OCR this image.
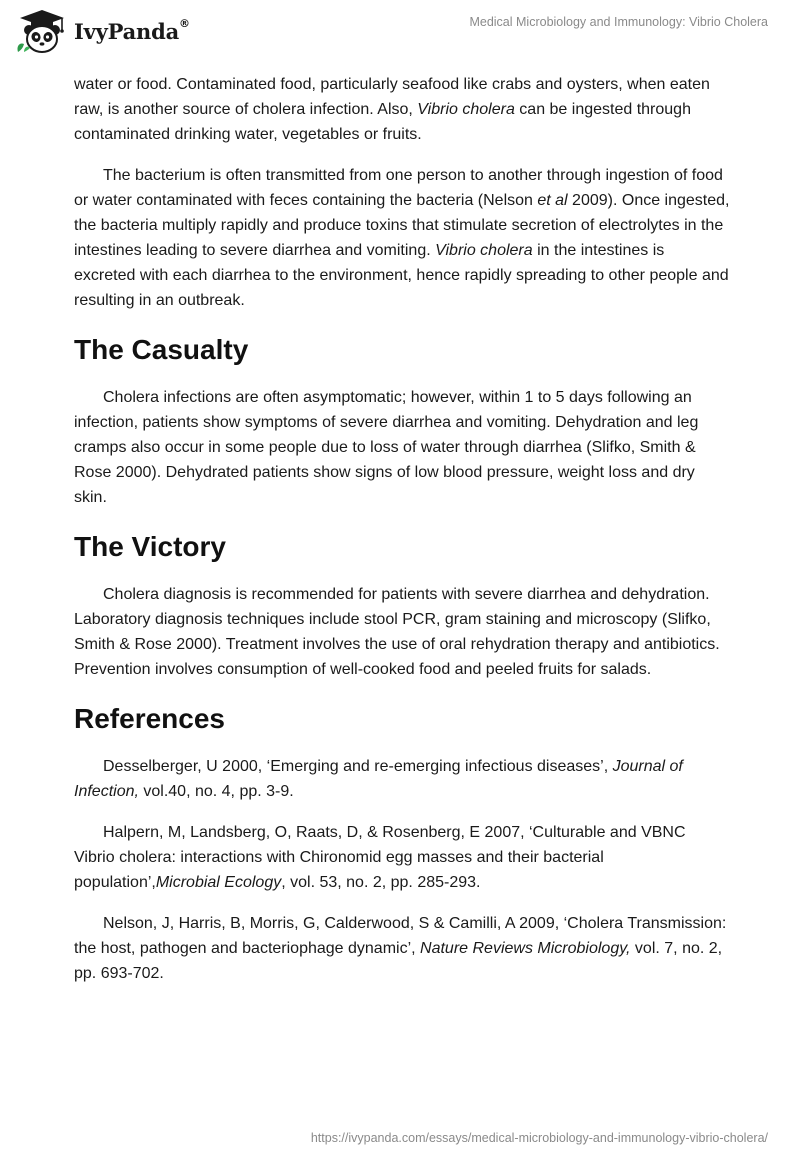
IvyPanda®	Medical Microbiology and Immunology: Vibrio Cholera

water or food. Contaminated food, particularly seafood like crabs and oysters, when eaten raw, is another source of cholera infection. Also, Vibrio cholera can be ingested through contaminated drinking water, vegetables or fruits.

The bacterium is often transmitted from one person to another through ingestion of food or water contaminated with feces containing the bacteria (Nelson et al 2009). Once ingested, the bacteria multiply rapidly and produce toxins that stimulate secretion of electrolytes in the intestines leading to severe diarrhea and vomiting. Vibrio cholera in the intestines is excreted with each diarrhea to the environment, hence rapidly spreading to other people and resulting in an outbreak.

The Casualty

Cholera infections are often asymptomatic; however, within 1 to 5 days following an infection, patients show symptoms of severe diarrhea and vomiting. Dehydration and leg cramps also occur in some people due to loss of water through diarrhea (Slifko, Smith & Rose 2000). Dehydrated patients show signs of low blood pressure, weight loss and dry skin.

The Victory

Cholera diagnosis is recommended for patients with severe diarrhea and dehydration. Laboratory diagnosis techniques include stool PCR, gram staining and microscopy (Slifko, Smith & Rose 2000). Treatment involves the use of oral rehydration therapy and antibiotics. Prevention involves consumption of well-cooked food and peeled fruits for salads.

References

Desselberger, U 2000, ‘Emerging and re-emerging infectious diseases’, Journal of Infection, vol.40, no. 4, pp. 3-9.

Halpern, M, Landsberg, O, Raats, D, & Rosenberg, E 2007, ‘Culturable and VBNC Vibrio cholera: interactions with Chironomid egg masses and their bacterial population’,Microbial Ecology, vol. 53, no. 2, pp. 285-293.

Nelson, J, Harris, B, Morris, G, Calderwood, S & Camilli, A 2009, ‘Cholera Transmission: the host, pathogen and bacteriophage dynamic’, Nature Reviews Microbiology, vol. 7, no. 2, pp. 693-702.

https://ivypanda.com/essays/medical-microbiology-and-immunology-vibrio-cholera/
